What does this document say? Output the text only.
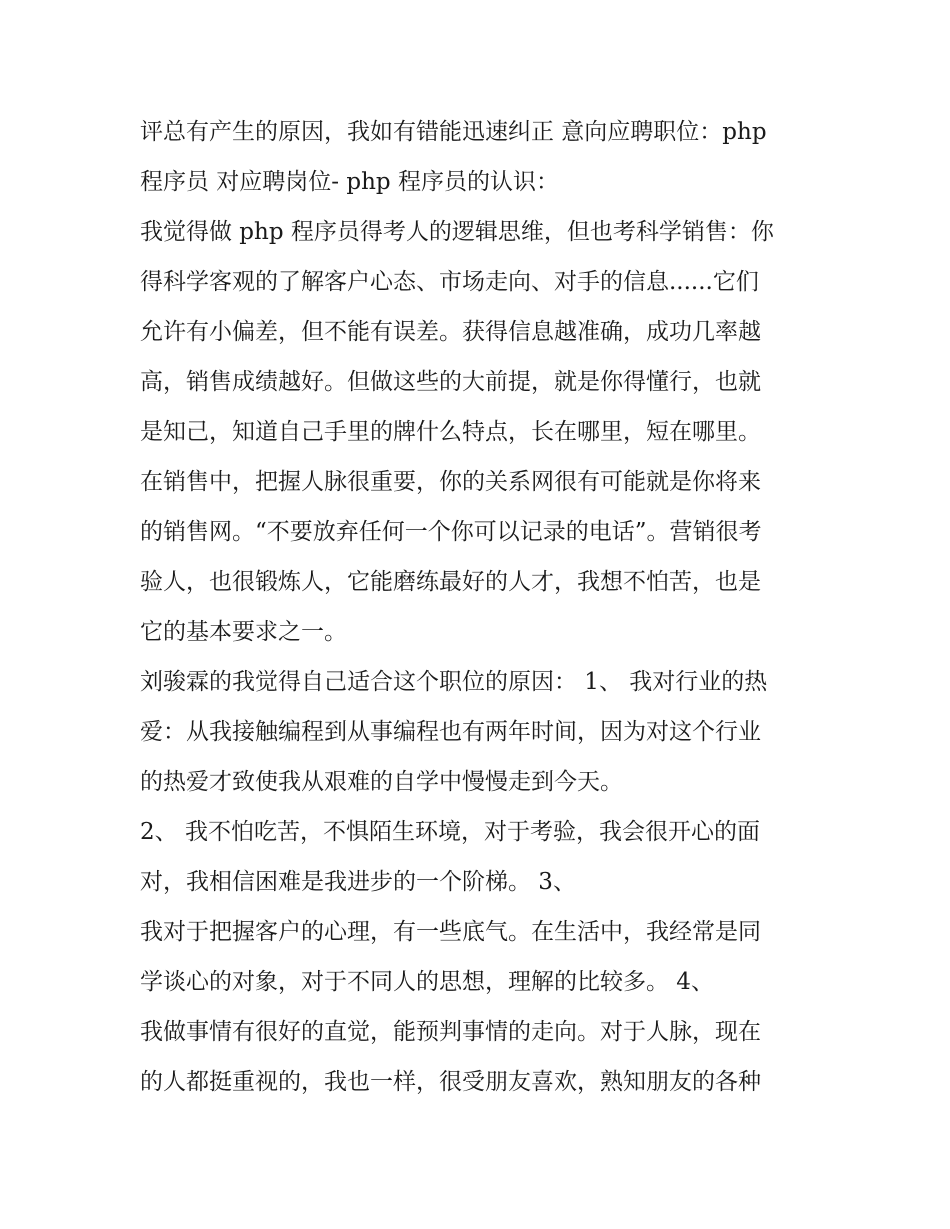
评总有产生的原因，我如有错能迅速纠正 意向应聘职位：php
程序员 对应聘岗位- php 程序员的认识：
我觉得做 php 程序员得考人的逻辑思维，但也考科学销售：你
得科学客观的了解客户心态、市场走向、对手的信息......它们
允许有小偏差，但不能有误差。获得信息越准确，成功几率越
高，销售成绩越好。但做这些的大前提，就是你得懂行，也就
是知己，知道自己手里的牌什么特点，长在哪里，短在哪里。
在销售中，把握人脉很重要，你的关系网很有可能就是你将来
的销售网。“不要放弃任何一个你可以记录的电话”。营销很考
验人，也很锻炼人，它能磨练最好的人才，我想不怕苦，也是
它的基本要求之一。
刘骏霖的我觉得自己适合这个职位的原因： 1、 我对行业的热
爱：从我接触编程到从事编程也有两年时间，因为对这个行业
的热爱才致使我从艰难的自学中慢慢走到今天。
2、 我不怕吃苦，不惧陌生环境，对于考验，我会很开心的面
对，我相信困难是我进步的一个阶梯。 3、
我对于把握客户的心理，有一些底气。在生活中，我经常是同
学谈心的对象，对于不同人的思想，理解的比较多。 4、
我做事情有很好的直觉，能预判事情的走向。对于人脉，现在
的人都挺重视的，我也一样，很受朋友喜欢，熟知朋友的各种
